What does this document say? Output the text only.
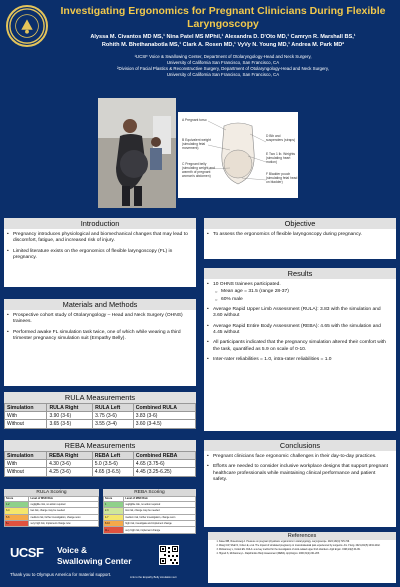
Investigating Ergonomics for Pregnant Clinicians During Flexible Laryngoscopy
Alyssa M. Civantos MD MS,¹ Nina Patel MS MPhil,¹ Alexandra D. D'Oto MD,¹ Camryn R. Marshall BS,¹
Rohith M. Bhethanabotla MS,¹ Clark A. Rosen MD,¹ VyVy N. Young MD,¹ Andrea M. Park MD²
¹UCSF Voice & Swallowing Center, Department of Otolaryngology-Head and Neck Surgery,
University of California San Francisco, San Francisco, CA
²Division of Facial Plastics & Reconstructive Surgery, Department of Otolaryngology-Head and Neck Surgery,
University of California San Francisco, San Francisco, CA
A Pregnant torso
B Equivalent weight
(simulating fetal
movement)
C Pregnant belly
(simulating weight and
warmth of pregnant
woman's abdomen)
D Bib and
suspenders (straps)
E Two 1 lb. Weights
(simulating heart
motion)
F Bladder pouch
(simulating fetal head
on bladder)
Introduction
• Pregnancy introduces physiological and biomechanical changes that may lead to discomfort, fatigue, and increased risk of injury.
• Limited literature exists on the ergonomics of flexible laryngoscopy (FL) in pregnancy.
Objective
• To assess the ergonomics of flexible laryngoscopy during pregnancy.
Materials and Methods
• Prospective cohort study of Otolaryngology – Head and Neck Surgery (OHNS) trainees.
• Performed awake FL simulation task twice, one of which while wearing a third trimester pregnancy simulation suit (Empathy Belly).
Results
• 10 OHNS trainees participated.
○ Mean age = 31.5 (range 28-37)
○ 60% male
• Average Rapid Upper Limb Assessment (RULA): 3.83 with the simulation and 3.60 without
• Average Rapid Entire Body Assessment (REBA): 4.65 with the simulation and 4.45 without
• All participants indicated that the pregnancy simulation altered their comfort with the task, quantified as 5.9 on scale of 0-10.
• Inter-rater reliabilities = 1.0, intra-rater reliabilities = 1.0
RULA Measurements
Simulation	RULA Right	RULA Left	Combined RULA
With	3.90 (3-6)	3.75 (3-6)	3.83 (3-6)
Without	3.65 (3-5)	3.55 (3-4)	3.60 (3-4.5)
REBA Measurements
Simulation	REBA Right	REBA Left	Combined REBA
With	4.30 (3-6)	5.0 (3.5-6)	4.65 (3.75-6)
Without	4.25 (3-6)	4.65 (3-6.5)	4.45 (3.25-6.25)
RULA Scoring
Score	Level of MSD Risk
1-2	negligible risk, no action required
3-4	low risk, change may be needed
5-6	medium risk, further investigation, change soon
6+	very high risk, implement change now
REBA Scoring
Score	Level of MSD Risk
1	negligible risk, no action required
2-3	low risk, change may be needed
4-7	medium risk, further investigation, change soon
8-10	high risk, investigate and implement change
11+	very high risk, implement change
Conclusions
• Pregnant clinicians face ergonomic challenges in their day-to-day practices.
• Efforts are needed to consider inclusive workplace designs that support pregnant healthcare professionals while maintaining clinical performance and patient safety.
References
1. Kaleel RB, Rosenzweig A. Pressure on pregnant physicians: ergonomics in otolaryngology. Laryngoscope. 2022;132(4):725-729.
2. Wang CW, Shah N, Cohen E, et al. The impact of simulated pregnancy on musculoskeletal pain experienced by surgeons. Am J Surg. 2021;221(5):1034-1042.
3. McAtamney L, Corlett EN. RULA: a survey method for the investigation of work-related upper limb disorders. Appl Ergon. 1993;24(2):91-99.
4. Hignett S, McAtamney L. Rapid Entire Body Assessment (REBA). Appl Ergon. 2000;31(2):201-205.
UCSF	Voice &
Swallowing Center
Thank you to Olympus America for material support.
Link to the Empathy Belly simulation suit
